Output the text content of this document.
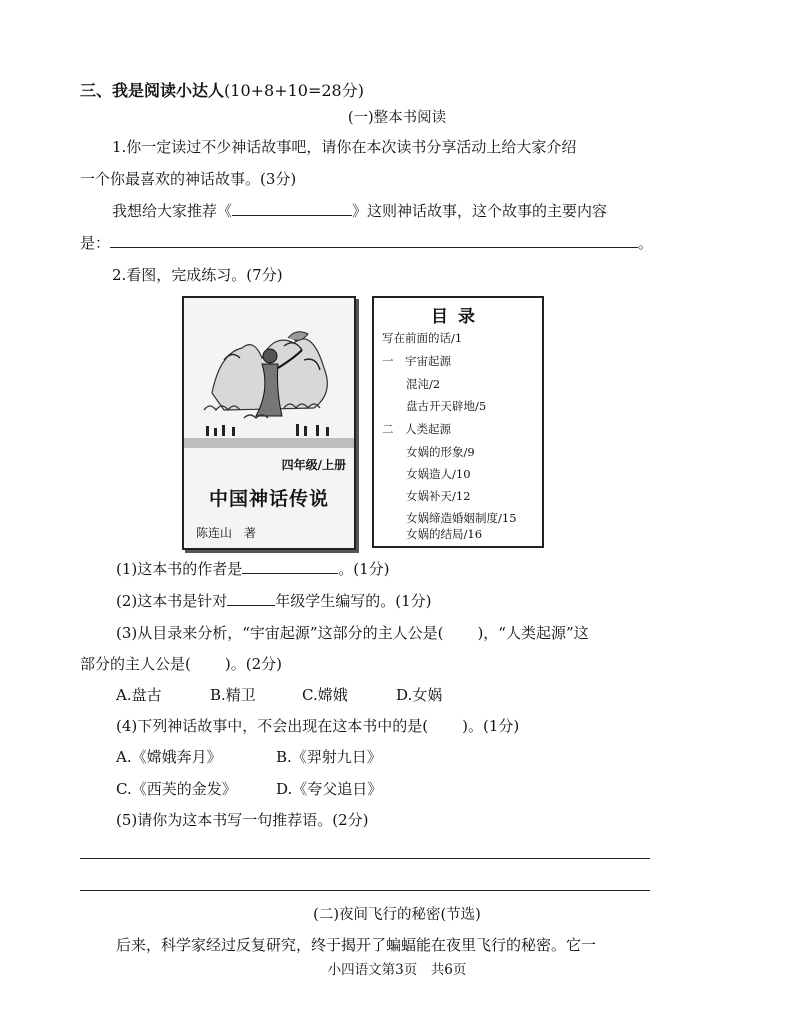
三、我是阅读小达人(10+8+10=28分)
(一)整本书阅读
1.你一定读过不少神话故事吧，请你在本次读书分享活动上给大家介绍
一个你最喜欢的神话故事。(3分)
我想给大家推荐《	》这则神话故事，这个故事的主要内容
是：	。
2.看图，完成练习。(7分)
四年级/上册
中国神话传说
陈连山　著
目录
写在前面的话/1
一　宇宙起源
混沌/2
盘古开天辟地/5
二　人类起源
女娲的形象/9
女娲造人/10
女娲补天/12
女娲缔造婚姻制度/15
女娲的结局/16
(1)这本书的作者是	。(1分)
(2)这本书是针对	年级学生编写的。(1分)
(3)从目录来分析，“宇宙起源”这部分的主人公是( )，“人类起源”这
部分的主人公是( )。(2分)
A.盘古	B.精卫	C.嫦娥	D.女娲
(4)下列神话故事中，不会出现在这本书中的是( )。(1分)
A.《嫦娥奔月》	B.《羿射九日》
C.《西芙的金发》	D.《夸父追日》
(5)请你为这本书写一句推荐语。(2分)
(二)夜间飞行的秘密(节选)
后来，科学家经过反复研究，终于揭开了蝙蝠能在夜里飞行的秘密。它一
小四语文第3页　共6页
